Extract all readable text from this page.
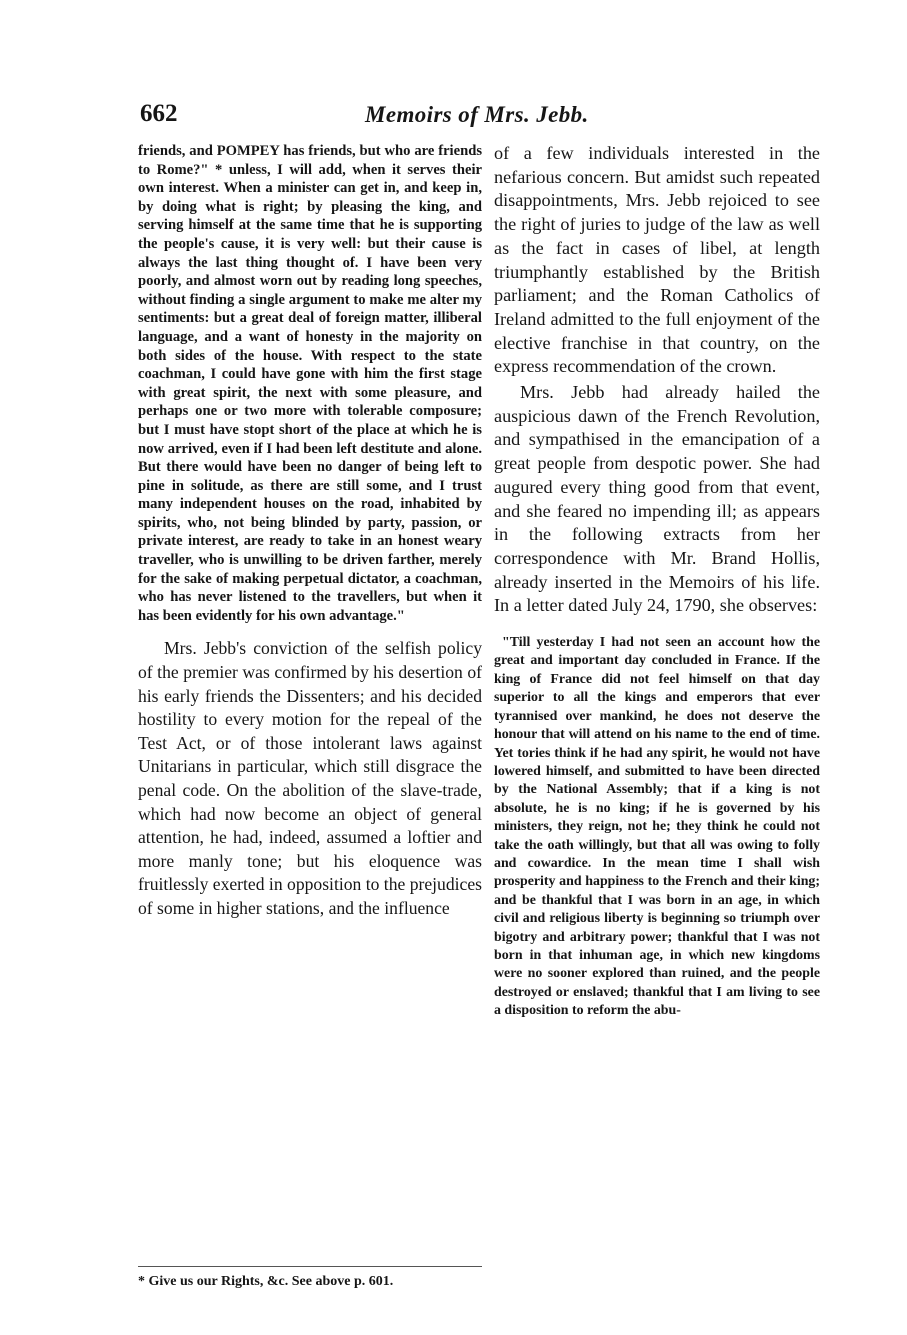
662	Memoirs of Mrs. Jebb.

friends, and POMPEY has friends, but who are friends to Rome?" * unless, I will add, when it serves their own interest. When a minister can get in, and keep in, by doing what is right; by pleasing the king, and serving himself at the same time that he is supporting the people's cause, it is very well: but their cause is always the last thing thought of. I have been very poorly, and almost worn out by reading long speeches, without finding a single argument to make me alter my sentiments: but a great deal of foreign matter, illiberal language, and a want of honesty in the majority on both sides of the house. With respect to the state coachman, I could have gone with him the first stage with great spirit, the next with some pleasure, and perhaps one or two more with tolerable composure; but I must have stopt short of the place at which he is now arrived, even if I had been left destitute and alone. But there would have been no danger of being left to pine in solitude, as there are still some, and I trust many independent houses on the road, inhabited by spirits, who, not being blinded by party, passion, or private interest, are ready to take in an honest weary traveller, who is unwilling to be driven farther, merely for the sake of making perpetual dictator, a coachman, who has never listened to the travellers, but when it has been evidently for his own advantage."

Mrs. Jebb's conviction of the selfish policy of the premier was confirmed by his desertion of his early friends the Dissenters; and his decided hostility to every motion for the repeal of the Test Act, or of those intolerant laws against Unitarians in particular, which still disgrace the penal code. On the abolition of the slave-trade, which had now become an object of general attention, he had, indeed, assumed a loftier and more manly tone; but his eloquence was fruitlessly exerted in opposition to the prejudices of some in higher stations, and the influence

of a few individuals interested in the nefarious concern. But amidst such repeated disappointments, Mrs. Jebb rejoiced to see the right of juries to judge of the law as well as the fact in cases of libel, at length triumphantly established by the British parliament; and the Roman Catholics of Ireland admitted to the full enjoyment of the elective franchise in that country, on the express recommendation of the crown.

Mrs. Jebb had already hailed the auspicious dawn of the French Revolution, and sympathised in the emancipation of a great people from despotic power. She had augured every thing good from that event, and she feared no impending ill; as appears in the following extracts from her correspondence with Mr. Brand Hollis, already inserted in the Memoirs of his life. In a letter dated July 24, 1790, she observes:

"Till yesterday I had not seen an account how the great and important day concluded in France. If the king of France did not feel himself on that day superior to all the kings and emperors that ever tyrannised over mankind, he does not deserve the honour that will attend on his name to the end of time. Yet tories think if he had any spirit, he would not have lowered himself, and submitted to have been directed by the National Assembly; that if a king is not absolute, he is no king; if he is governed by his ministers, they reign, not he; they think he could not take the oath willingly, but that all was owing to folly and cowardice. In the mean time I shall wish prosperity and happiness to the French and their king; and be thankful that I was born in an age, in which civil and religious liberty is beginning so triumph over bigotry and arbitrary power; thankful that I was not born in that inhuman age, in which new kingdoms were no sooner explored than ruined, and the people destroyed or enslaved; thankful that I am living to see a disposition to reform the abu-

* Give us our Rights, &c. See above p. 601.
